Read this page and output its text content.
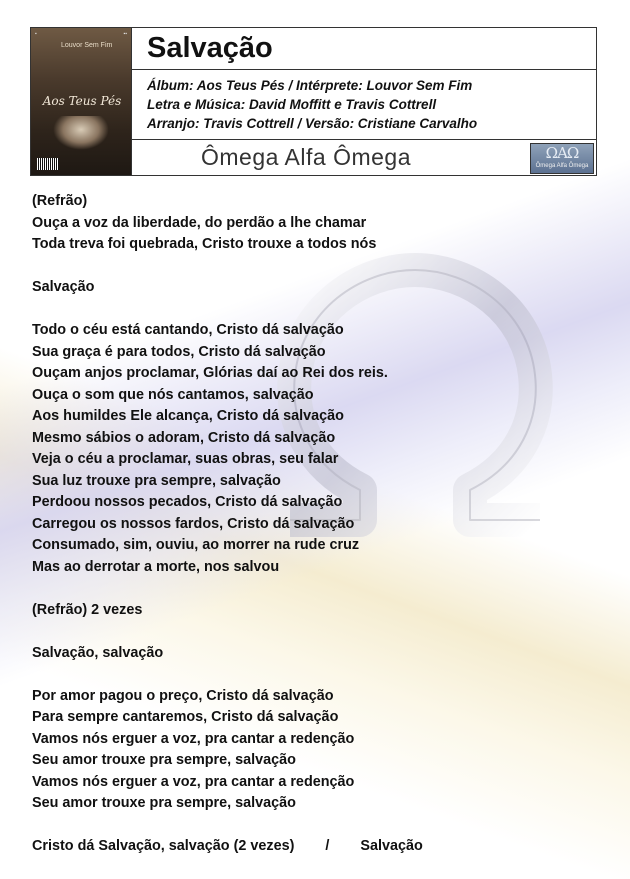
▪	▪▪
Louvor Sem Fim
Aos Teus Pés
Salvação
Álbum: Aos Teus Pés / Intérprete: Louvor Sem Fim
Letra e Música: David Moffitt e Travis Cottrell
Arranjo: Travis Cottrell / Versão: Cristiane Carvalho
Ômega Alfa Ômega	ΩAΩ
Ômega Alfa Ômega
(Refrão)
Ouça a voz da liberdade, do perdão a lhe chamar
Toda treva foi quebrada, Cristo trouxe a todos nós
Salvação
Todo o céu está cantando, Cristo dá salvação
Sua graça é para todos, Cristo dá salvação
Ouçam anjos proclamar, Glórias daí ao Rei dos reis.
Ouça o som que nós cantamos, salvação
Aos humildes Ele alcança, Cristo dá salvação
Mesmo sábios o adoram, Cristo dá salvação
Veja o céu a proclamar, suas obras, seu falar
Sua luz trouxe pra sempre, salvação
Perdoou nossos pecados, Cristo dá salvação
Carregou os nossos fardos, Cristo dá salvação
Consumado, sim, ouviu, ao morrer na rude cruz
Mas ao derrotar a morte, nos salvou
(Refrão) 2 vezes
Salvação, salvação
Por amor pagou o preço, Cristo dá salvação
Para sempre cantaremos, Cristo dá salvação
Vamos nós erguer a voz, pra cantar a redenção
Seu amor trouxe pra sempre, salvação
Vamos nós erguer a voz, pra cantar a redenção
Seu amor trouxe pra sempre, salvação
Cristo dá Salvação, salvação (2 vezes) / Salvação
